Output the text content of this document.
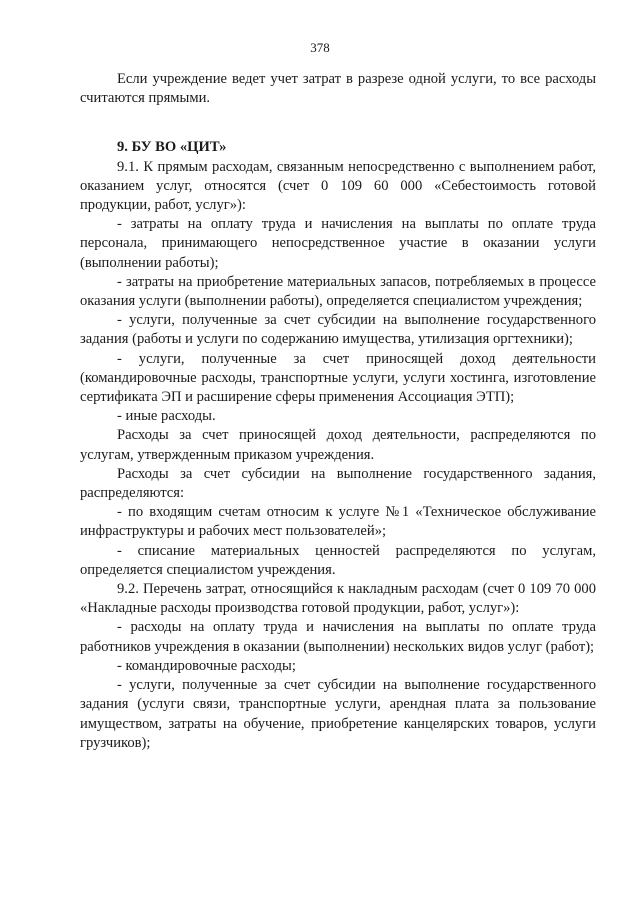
378

Если учреждение ведет учет затрат в разрезе одной услуги, то все расходы считаются прямыми.

9. БУ ВО «ЦИТ»

9.1. К прямым расходам, связанным непосредственно с выполнением работ, оказанием услуг, относятся (счет 0 109 60 000 «Себестоимость готовой продукции, работ, услуг»):

- затраты на оплату труда и начисления на выплаты по оплате труда персонала, принимающего непосредственное участие в оказании услуги (выполнении работы);

- затраты на приобретение материальных запасов, потребляемых в процессе оказания услуги (выполнении работы), определяется специалистом учреждения;

- услуги, полученные за счет субсидии на выполнение государственного задания (работы и услуги по содержанию имущества, утилизация оргтехники);

- услуги, полученные за счет приносящей доход деятельности (командировочные расходы, транспортные услуги, услуги хостинга, изготовление сертификата ЭП и расширение сферы применения Ассоциация ЭТП);

- иные расходы.

Расходы за счет приносящей доход деятельности, распределяются по услугам, утвержденным приказом учреждения.

Расходы за счет субсидии на выполнение государственного задания, распределяются:

- по входящим счетам относим к услуге №1 «Техническое обслуживание инфраструктуры и рабочих мест пользователей»;

- списание материальных ценностей распределяются по услугам, определяется специалистом учреждения.

9.2. Перечень затрат, относящийся к накладным расходам (счет 0 109 70 000 «Накладные расходы производства готовой продукции, работ, услуг»):

- расходы на оплату труда и начисления на выплаты по оплате труда работников учреждения в оказании (выполнении) нескольких видов услуг (работ);

- командировочные расходы;

- услуги, полученные за счет субсидии на выполнение государственного задания (услуги связи, транспортные услуги, арендная плата за пользование имуществом, затраты на обучение, приобретение канцелярских товаров, услуги грузчиков);
